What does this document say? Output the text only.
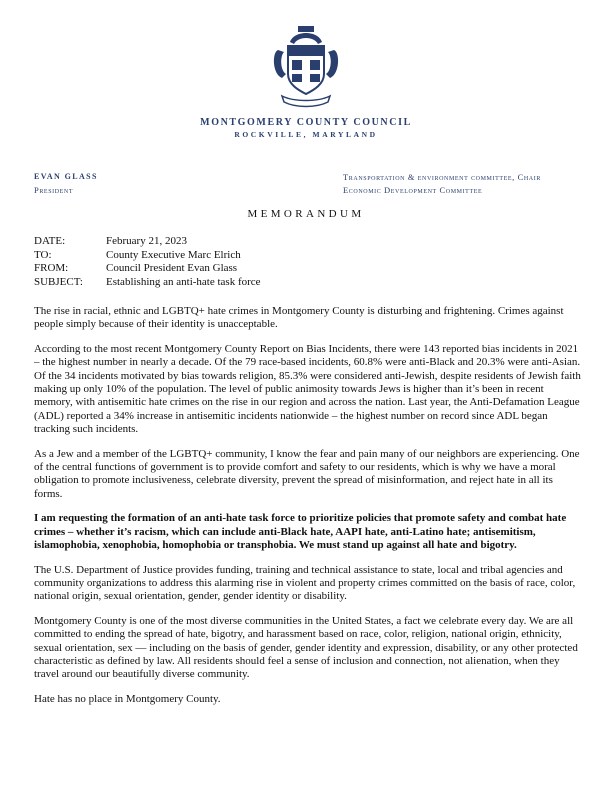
MONTGOMERY COUNTY COUNCIL
ROCKVILLE, MARYLAND
EVAN GLASS
President
Transportation & environment committee, Chair
Economic Development Committee
MEMORANDUM
DATE:	February 21, 2023
TO:	County Executive Marc Elrich
FROM:	Council President Evan Glass
SUBJECT:	Establishing an anti-hate task force

The rise in racial, ethnic and LGBTQ+ hate crimes in Montgomery County is disturbing and frightening. Crimes against people simply because of their identity is unacceptable.

According to the most recent Montgomery County Report on Bias Incidents, there were 143 reported bias incidents in 2021 – the highest number in nearly a decade. Of the 79 race-based incidents, 60.8% were anti-Black and 20.3% were anti-Asian. Of the 34 incidents motivated by bias towards religion, 85.3% were considered anti-Jewish, despite residents of Jewish faith making up only 10% of the population. The level of public animosity towards Jews is higher than it’s been in recent memory, with antisemitic hate crimes on the rise in our region and across the nation. Last year, the Anti-Defamation League (ADL) reported a 34% increase in antisemitic incidents nationwide – the highest number on record since ADL began tracking such incidents.

As a Jew and a member of the LGBTQ+ community, I know the fear and pain many of our neighbors are experiencing. One of the central functions of government is to provide comfort and safety to our residents, which is why we have a moral obligation to promote inclusiveness, celebrate diversity, prevent the spread of misinformation, and reject hate in all its forms.

I am requesting the formation of an anti-hate task force to prioritize policies that promote safety and combat hate crimes – whether it’s racism, which can include anti-Black hate, AAPI hate, anti-Latino hate; antisemitism, islamophobia, xenophobia, homophobia or transphobia. We must stand up against all hate and bigotry.

The U.S. Department of Justice provides funding, training and technical assistance to state, local and tribal agencies and community organizations to address this alarming rise in violent and property crimes committed on the basis of race, color, national origin, sexual orientation, gender, gender identity or disability.

Montgomery County is one of the most diverse communities in the United States, a fact we celebrate every day. We are all committed to ending the spread of hate, bigotry, and harassment based on race, color, religion, national origin, ethnicity, sexual orientation, sex — including on the basis of gender, gender identity and expression, disability, or any other protected characteristic as defined by law. All residents should feel a sense of inclusion and connection, not alienation, when they travel around our beautifully diverse community.

Hate has no place in Montgomery County.
